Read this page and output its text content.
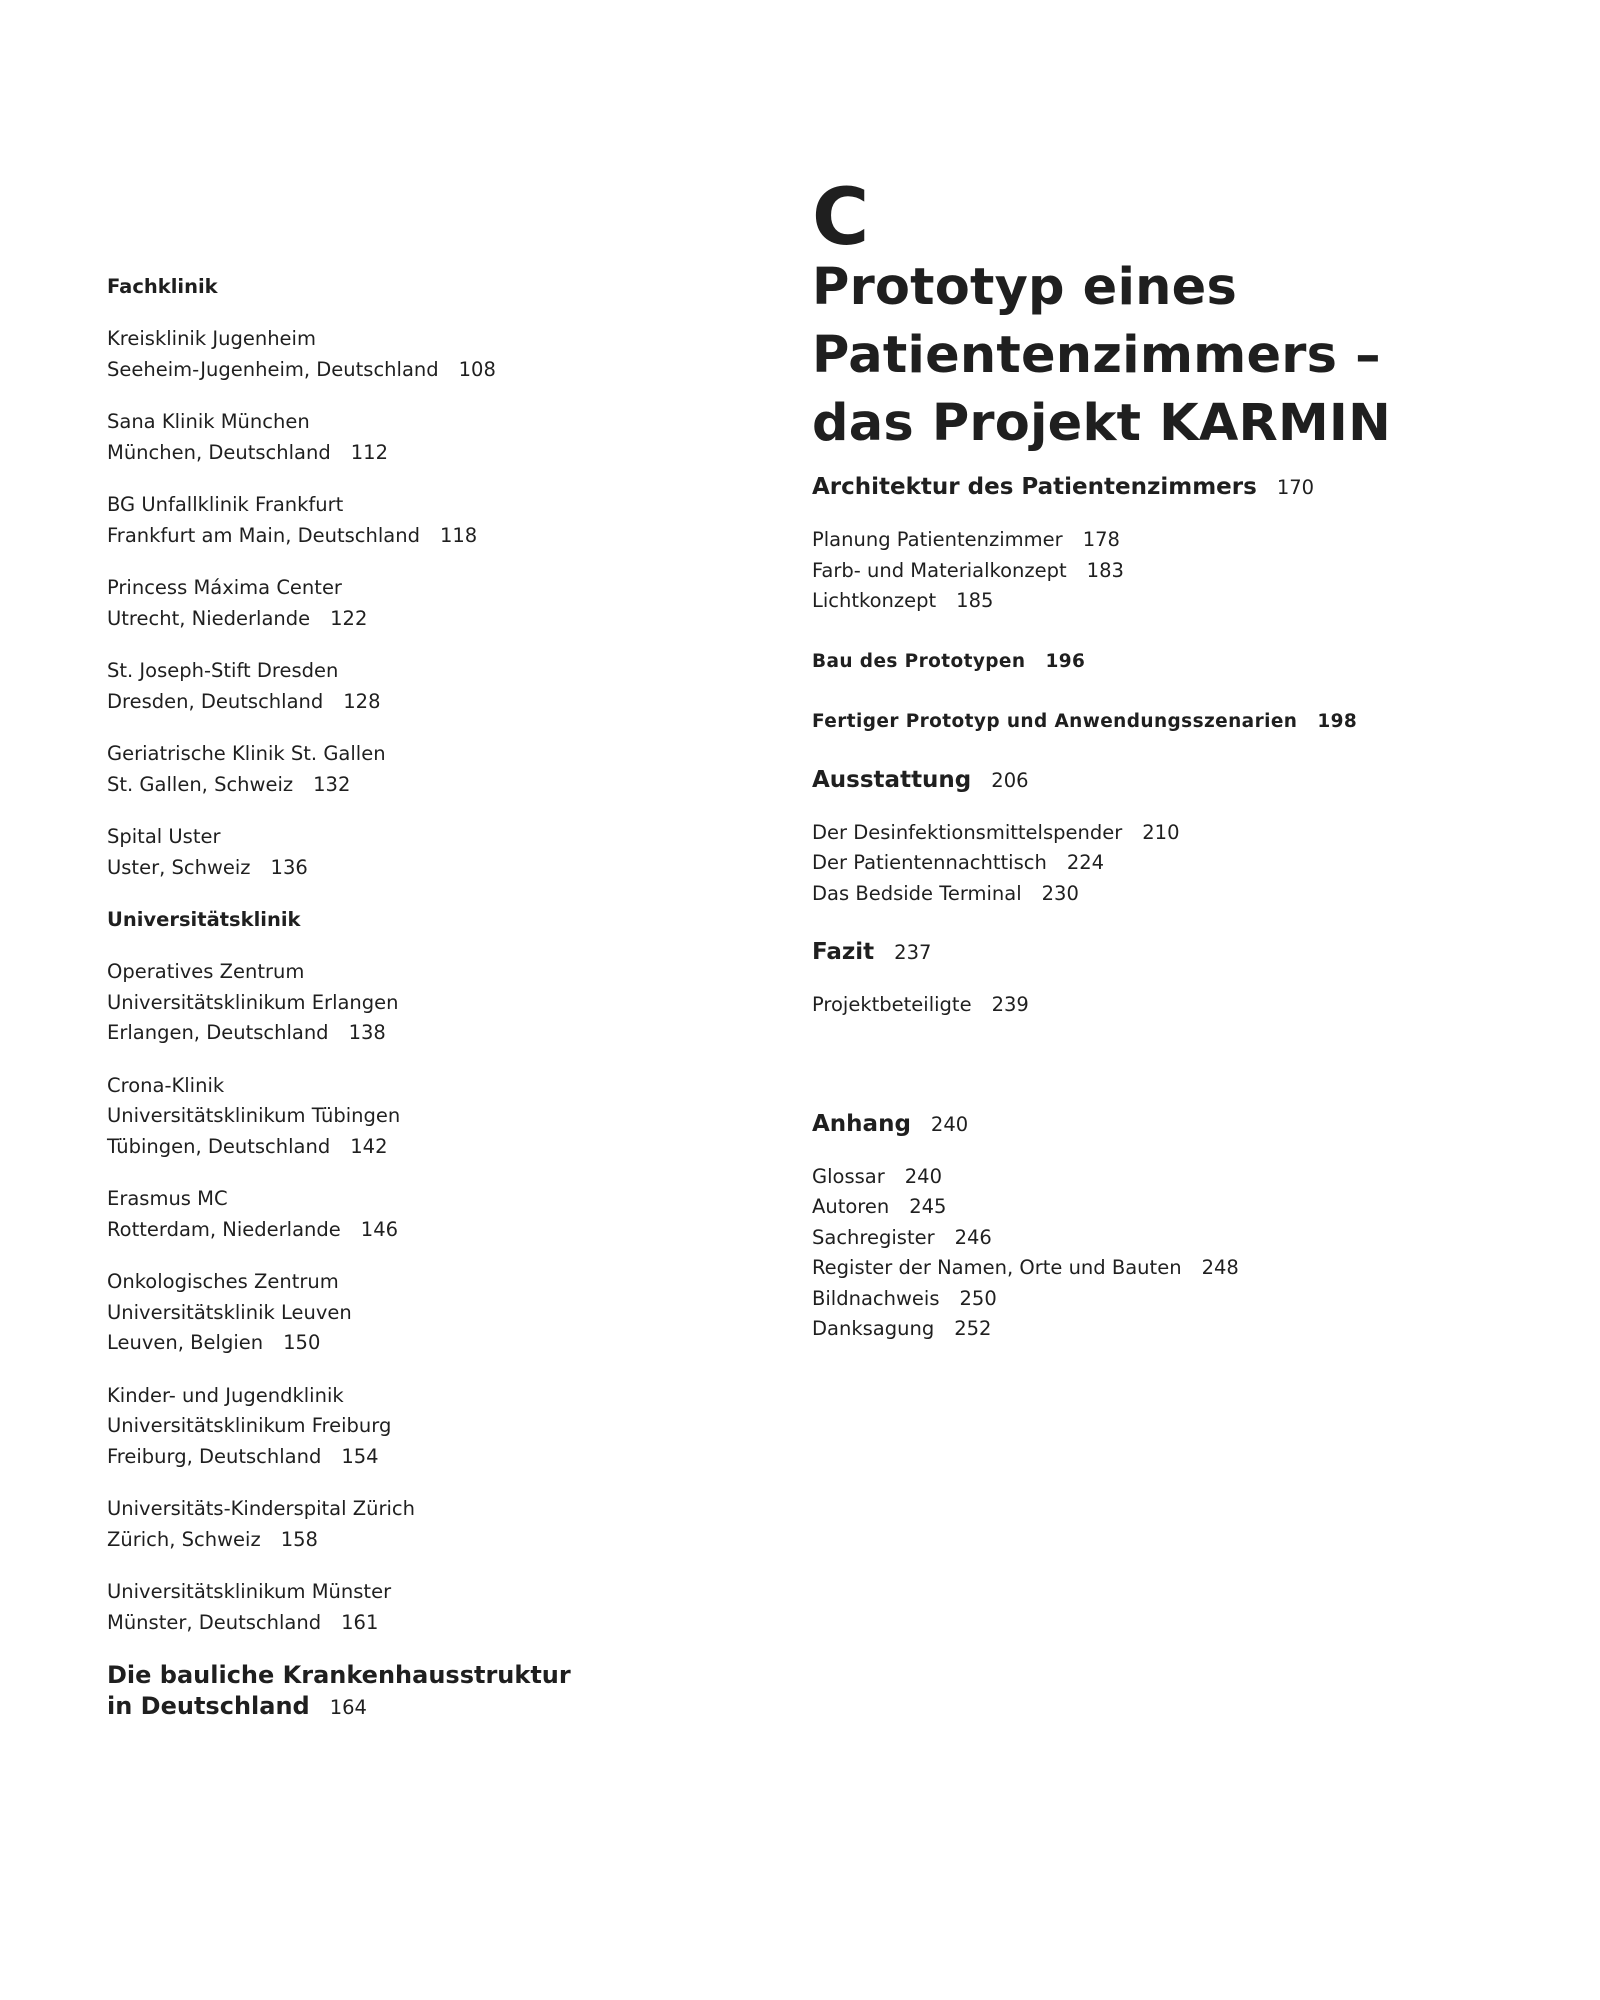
Fachklinik
Kreisklinik Jugenheim
Seeheim-Jugenheim, Deutschland 108
Sana Klinik München
München, Deutschland 112
BG Unfallklinik Frankfurt
Frankfurt am Main, Deutschland 118
Princess Máxima Center
Utrecht, Niederlande 122
St. Joseph-Stift Dresden
Dresden, Deutschland 128
Geriatrische Klinik St. Gallen
St. Gallen, Schweiz 132
Spital Uster
Uster, Schweiz 136
Universitätsklinik
Operatives Zentrum
Universitätsklinikum Erlangen
Erlangen, Deutschland 138
Crona-Klinik
Universitätsklinikum Tübingen
Tübingen, Deutschland 142
Erasmus MC
Rotterdam, Niederlande 146
Onkologisches Zentrum
Universitätsklinik Leuven
Leuven, Belgien 150
Kinder- und Jugendklinik
Universitätsklinikum Freiburg
Freiburg, Deutschland 154
Universitäts-Kinderspital Zürich
Zürich, Schweiz 158
Universitätsklinikum Münster
Münster, Deutschland 161
Die bauliche Krankenhausstruktur
in Deutschland 164
C
Prototyp eines
Patientenzimmers –
das Projekt KARMIN
Architektur des Patientenzimmers 170
Planung Patientenzimmer 178
Farb- und Materialkonzept 183
Lichtkonzept 185
Bau des Prototypen 196
Fertiger Prototyp und Anwendungsszenarien 198
Ausstattung 206
Der Desinfektionsmittelspender 210
Der Patientennachttisch 224
Das Bedside Terminal 230
Fazit 237
Projektbeteiligte 239
Anhang 240
Glossar 240
Autoren 245
Sachregister 246
Register der Namen, Orte und Bauten 248
Bildnachweis 250
Danksagung 252
